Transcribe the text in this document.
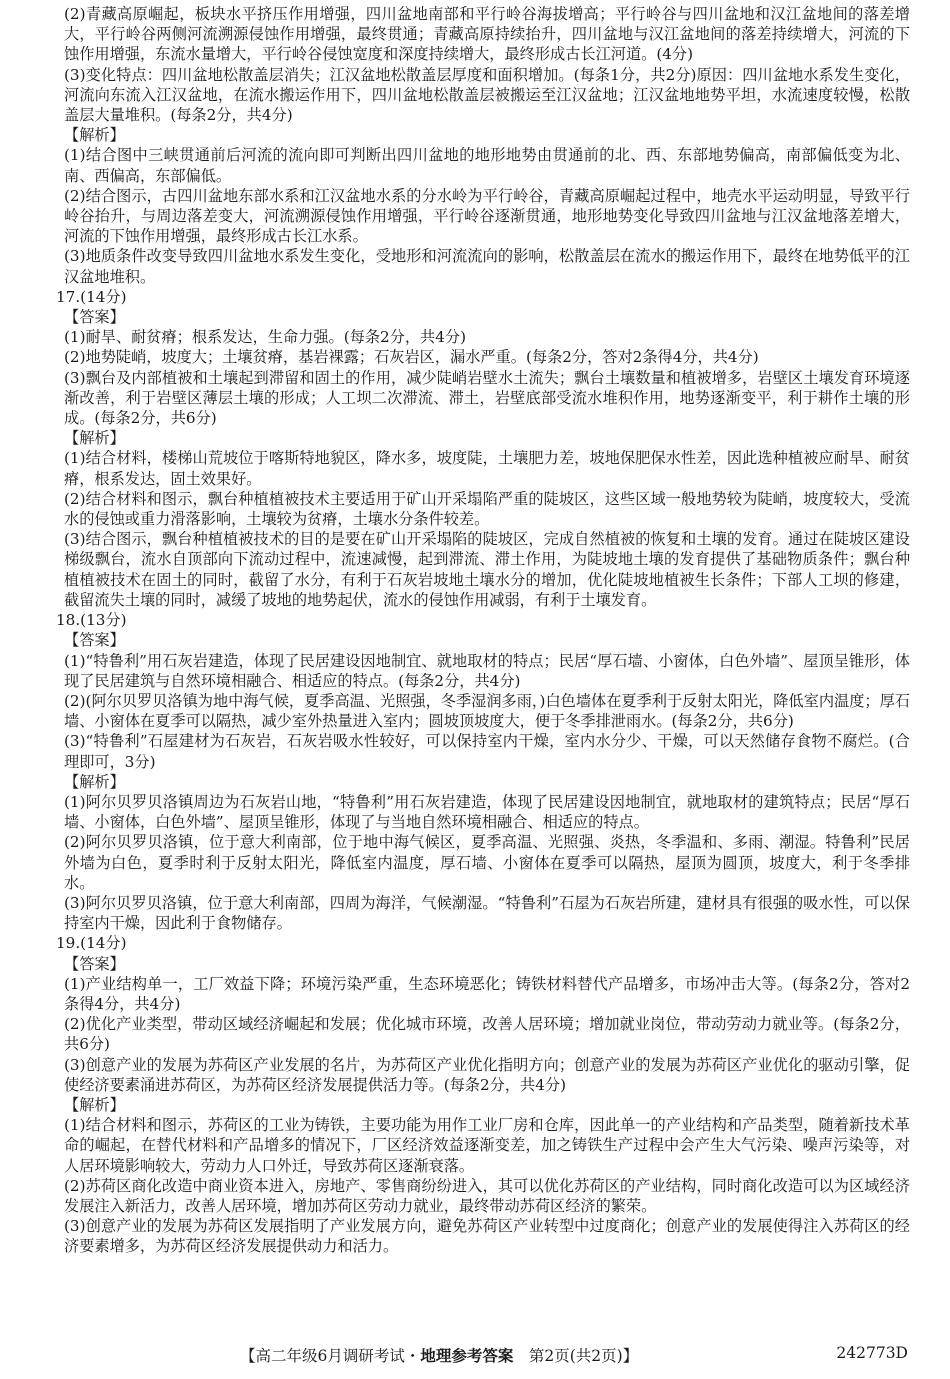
(2)青藏高原崛起，板块水平挤压作用增强，四川盆地南部和平行岭谷海拔增高；平行岭谷与四川盆地和汉江盆地间的落差增大，平行岭谷两侧河流溯源侵蚀作用增强，最终贯通；青藏高原持续抬升，四川盆地与汉江盆地间的落差持续增大，河流的下蚀作用增强，东流水量增大，平行岭谷侵蚀宽度和深度持续增大，最终形成古长江河道。(4分)
(3)变化特点：四川盆地松散盖层消失；江汉盆地松散盖层厚度和面积增加。(每条1分，共2分)原因：四川盆地水系发生变化，河流向东流入江汉盆地，在流水搬运作用下，四川盆地松散盖层被搬运至江汉盆地；江汉盆地地势平坦，水流速度较慢，松散盖层大量堆积。(每条2分，共4分)
【解析】
(1)结合图中三峡贯通前后河流的流向即可判断出四川盆地的地形地势由贯通前的北、西、东部地势偏高，南部偏低变为北、南、西偏高，东部偏低。
(2)结合图示，古四川盆地东部水系和江汉盆地水系的分水岭为平行岭谷，青藏高原崛起过程中，地壳水平运动明显，导致平行岭谷抬升，与周边落差变大，河流溯源侵蚀作用增强，平行岭谷逐渐贯通，地形地势变化导致四川盆地与江汉盆地落差增大，河流的下蚀作用增强，最终形成古长江水系。
(3)地质条件改变导致四川盆地水系发生变化，受地形和河流流向的影响，松散盖层在流水的搬运作用下，最终在地势低平的江汉盆地堆积。
17.(14分)
【答案】
(1)耐旱、耐贫瘠；根系发达，生命力强。(每条2分，共4分)
(2)地势陡峭，坡度大；土壤贫瘠，基岩裸露；石灰岩区，漏水严重。(每条2分，答对2条得4分，共4分)
(3)飘台及内部植被和土壤起到滞留和固土的作用，减少陡峭岩壁水土流失；飘台土壤数量和植被增多，岩壁区土壤发育环境逐渐改善，利于岩壁区薄层土壤的形成；人工坝二次滞流、滞土，岩壁底部受流水堆积作用，地势逐渐变平，利于耕作土壤的形成。(每条2分，共6分)
【解析】
(1)结合材料，楼梯山荒坡位于喀斯特地貌区，降水多，坡度陡，土壤肥力差，坡地保肥保水性差，因此选种植被应耐旱、耐贫瘠，根系发达，固土效果好。
(2)结合材料和图示，飘台种植植被技术主要适用于矿山开采塌陷严重的陡坡区，这些区域一般地势较为陡峭，坡度较大，受流水的侵蚀或重力滑落影响，土壤较为贫瘠，土壤水分条件较差。
(3)结合图示，飘台种植植被技术的目的是要在矿山开采塌陷的陡坡区，完成自然植被的恢复和土壤的发育。通过在陡坡区建设梯级飘台，流水自顶部向下流动过程中，流速减慢，起到滞流、滞土作用，为陡坡地土壤的发育提供了基础物质条件；飘台种植植被技术在固土的同时，截留了水分，有利于石灰岩坡地土壤水分的增加，优化陡坡地植被生长条件；下部人工坝的修建，截留流失土壤的同时，减缓了坡地的地势起伏，流水的侵蚀作用减弱，有利于土壤发育。
18.(13分)
【答案】
(1)“特鲁利”用石灰岩建造，体现了民居建设因地制宜、就地取材的特点；民居“厚石墙、小窗体，白色外墙”、屋顶呈锥形，体现了民居建筑与自然环境相融合、相适应的特点。(每条2分，共4分)
(2)(阿尔贝罗贝洛镇为地中海气候，夏季高温、光照强，冬季湿润多雨，)白色墙体在夏季利于反射太阳光，降低室内温度；厚石墙、小窗体在夏季可以隔热，减少室外热量进入室内；圆坡顶坡度大，便于冬季排泄雨水。(每条2分，共6分)
(3)“特鲁利”石屋建材为石灰岩，石灰岩吸水性较好，可以保持室内干燥，室内水分少、干燥，可以天然储存食物不腐烂。(合理即可，3分)
【解析】
(1)阿尔贝罗贝洛镇周边为石灰岩山地，“特鲁利”用石灰岩建造，体现了民居建设因地制宜，就地取材的建筑特点；民居“厚石墙、小窗体，白色外墙”、屋顶呈锥形，体现了与当地自然环境相融合、相适应的特点。
(2)阿尔贝罗贝洛镇，位于意大利南部，位于地中海气候区，夏季高温、光照强、炎热，冬季温和、多雨、潮湿。特鲁利”民居外墙为白色，夏季时利于反射太阳光，降低室内温度，厚石墙、小窗体在夏季可以隔热，屋顶为圆顶，坡度大，利于冬季排水。
(3)阿尔贝罗贝洛镇，位于意大利南部，四周为海洋，气候潮湿。“特鲁利”石屋为石灰岩所建，建材具有很强的吸水性，可以保持室内干燥，因此利于食物储存。
19.(14分)
【答案】
(1)产业结构单一，工厂效益下降；环境污染严重，生态环境恶化；铸铁材料替代产品增多，市场冲击大等。(每条2分，答对2条得4分，共4分)
(2)优化产业类型，带动区域经济崛起和发展；优化城市环境，改善人居环境；增加就业岗位，带动劳动力就业等。(每条2分，共6分)
(3)创意产业的发展为苏荷区产业发展的名片，为苏荷区产业优化指明方向；创意产业的发展为苏荷区产业优化的驱动引擎，促使经济要素涌进苏荷区，为苏荷区经济发展提供活力等。(每条2分，共4分)
【解析】
(1)结合材料和图示，苏荷区的工业为铸铁，主要功能为用作工业厂房和仓库，因此单一的产业结构和产品类型，随着新技术革命的崛起，在替代材料和产品增多的情况下，厂区经济效益逐渐变差，加之铸铁生产过程中会产生大气污染、噪声污染等，对人居环境影响较大，劳动力人口外迁，导致苏荷区逐渐衰落。
(2)苏荷区商化改造中商业资本进入，房地产、零售商纷纷进入，其可以优化苏荷区的产业结构，同时商化改造可以为区域经济发展注入新活力，改善人居环境，增加苏荷区劳动力就业，最终带动苏荷区经济的繁荣。
(3)创意产业的发展为苏荷区发展指明了产业发展方向，避免苏荷区产业转型中过度商化；创意产业的发展使得注入苏荷区的经济要素增多，为苏荷区经济发展提供动力和活力。
【高二年级6月调研考试・地理参考答案　第2页(共2页)】	242773D
